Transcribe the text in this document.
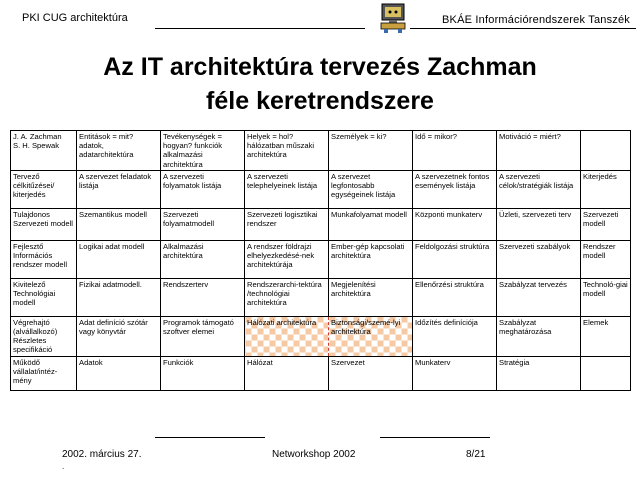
PKI CUG architektúra	BKÁE Információrendszerek Tanszék
Az IT architektúra tervezés Zachman
féle keretrendszere
J. A. Zachman
S. H. Spewak	Entitások = mit? adatok, adatarchitektúra	Tevékenységek = hogyan? funkciók alkalmazási architektúra	Helyek = hol? hálózatban műszaki architektúra	Személyek = ki?	Idő = mikor?	Motiváció = miért?	
Tervező célkitűzései/ kiterjedés	A szervezet feladatok listája	A szervezeti folyamatok listája	A szervezeti telephelyeinek listája	A szervezet legfontosabb egységeinek listája	A szervezetnek fontos események listája	A szervezeti célok/stratégiák listája	Kiterjedés
Tulajdonos Szervezeti modell	Szemantikus modell	Szervezeti folyamatmodell	Szervezeti logisztikai rendszer	Munkafolyamat modell	Központi munkaterv	Üzleti, szervezeti terv	Szervezeti modell
Fejlesztő Információs rendszer modell	Logikai adat modell	Alkalmazási architektúra	A rendszer földrajzi elhelyezkedésé-nek architektúrája	Ember-gép kapcsolati architektúra	Feldolgozási struktúra	Szervezeti szabályok	Rendszer modell
Kivitelező Technológiai modell	Fizikai adatmodell.	Rendszerterv	Rendszerarchi-tektúra /technológiai architektúra	Megjelenítési architektúra	Ellenőrzési struktúra	Szabályzat tervezés	Technoló-giai modell
Végrehajtó (alvállalkozó) Részletes specifikáció	Adat definíció szótár vagy könyvtár	Programok támogató szoftver elemei	Hálózati architektúra	Biztonsági/szemé-lyi architektúra	Időzítés definíciója	Szabályzat meghatározása	Elemek
Működő vállalat/intéz-mény	Adatok	Funkciók	Hálózat	Szervezet	Munkaterv	Stratégia	
2002. március 27.	Networkshop 2002	8/21
.
